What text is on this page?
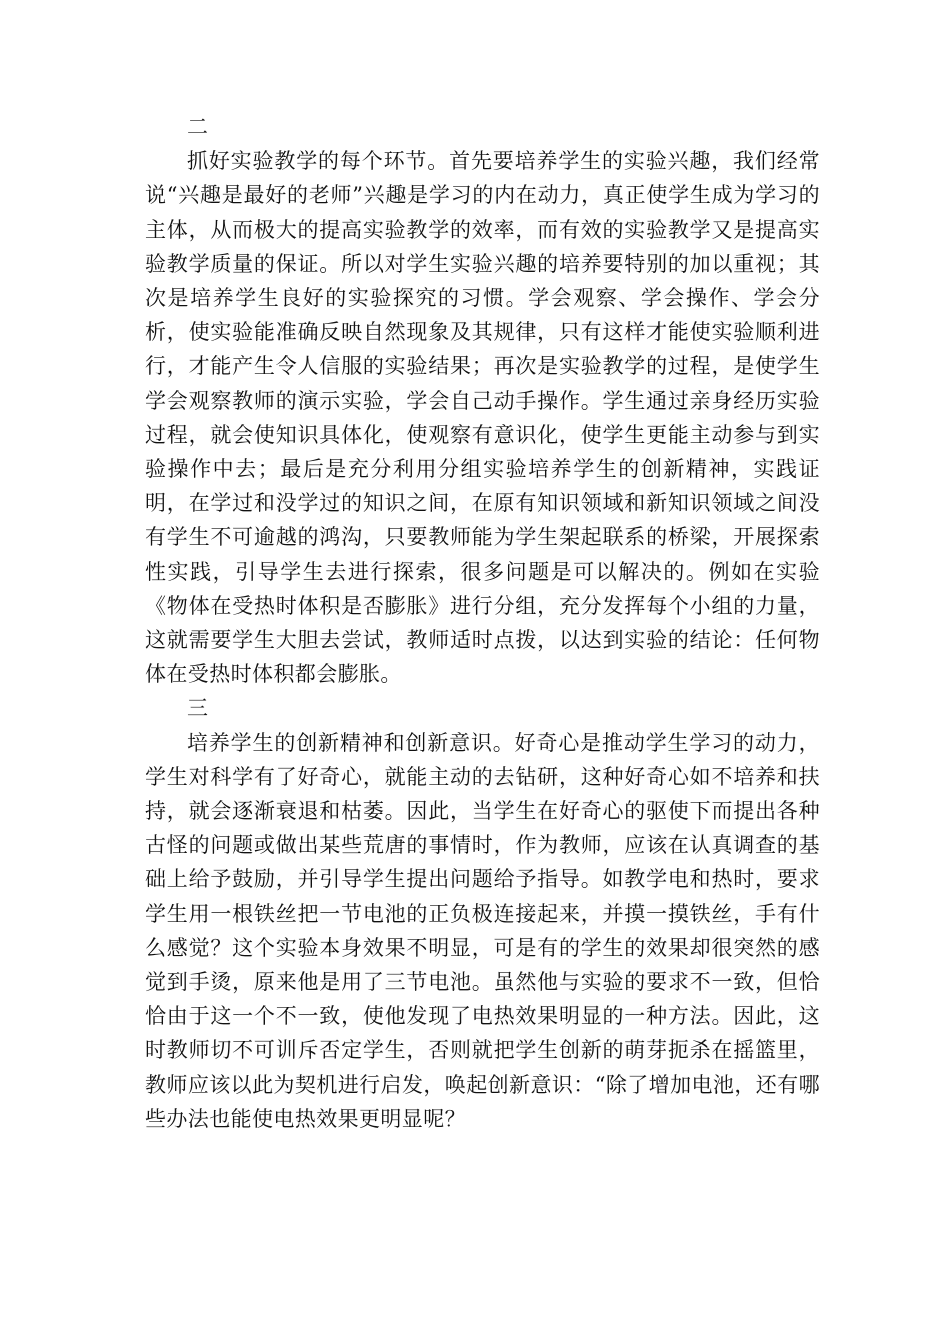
二

抓好实验教学的每个环节。首先要培养学生的实验兴趣，我们经常说“兴趣是最好的老师”兴趣是学习的内在动力，真正使学生成为学习的主体，从而极大的提高实验教学的效率，而有效的实验教学又是提高实验教学质量的保证。所以对学生实验兴趣的培养要特别的加以重视；其次是培养学生良好的实验探究的习惯。学会观察、学会操作、学会分析，使实验能准确反映自然现象及其规律，只有这样才能使实验顺利进行，才能产生令人信服的实验结果；再次是实验教学的过程，是使学生学会观察教师的演示实验，学会自己动手操作。学生通过亲身经历实验过程，就会使知识具体化，使观察有意识化，使学生更能主动参与到实验操作中去；最后是充分利用分组实验培养学生的创新精神，实践证明，在学过和没学过的知识之间，在原有知识领域和新知识领域之间没有学生不可逾越的鸿沟，只要教师能为学生架起联系的桥梁，开展探索性实践，引导学生去进行探索，很多问题是可以解决的。例如在实验《物体在受热时体积是否膨胀》进行分组，充分发挥每个小组的力量，这就需要学生大胆去尝试，教师适时点拨，以达到实验的结论：任何物体在受热时体积都会膨胀。

三

培养学生的创新精神和创新意识。好奇心是推动学生学习的动力，学生对科学有了好奇心，就能主动的去钻研，这种好奇心如不培养和扶持，就会逐渐衰退和枯萎。因此，当学生在好奇心的驱使下而提出各种古怪的问题或做出某些荒唐的事情时，作为教师，应该在认真调查的基础上给予鼓励，并引导学生提出问题给予指导。如教学电和热时，要求学生用一根铁丝把一节电池的正负极连接起来，并摸一摸铁丝，手有什么感觉？这个实验本身效果不明显，可是有的学生的效果却很突然的感觉到手烫，原来他是用了三节电池。虽然他与实验的要求不一致，但恰恰由于这一个不一致，使他发现了电热效果明显的一种方法。因此，这时教师切不可训斥否定学生，否则就把学生创新的萌芽扼杀在摇篮里，教师应该以此为契机进行启发，唤起创新意识：“除了增加电池，还有哪些办法也能使电热效果更明显呢？
